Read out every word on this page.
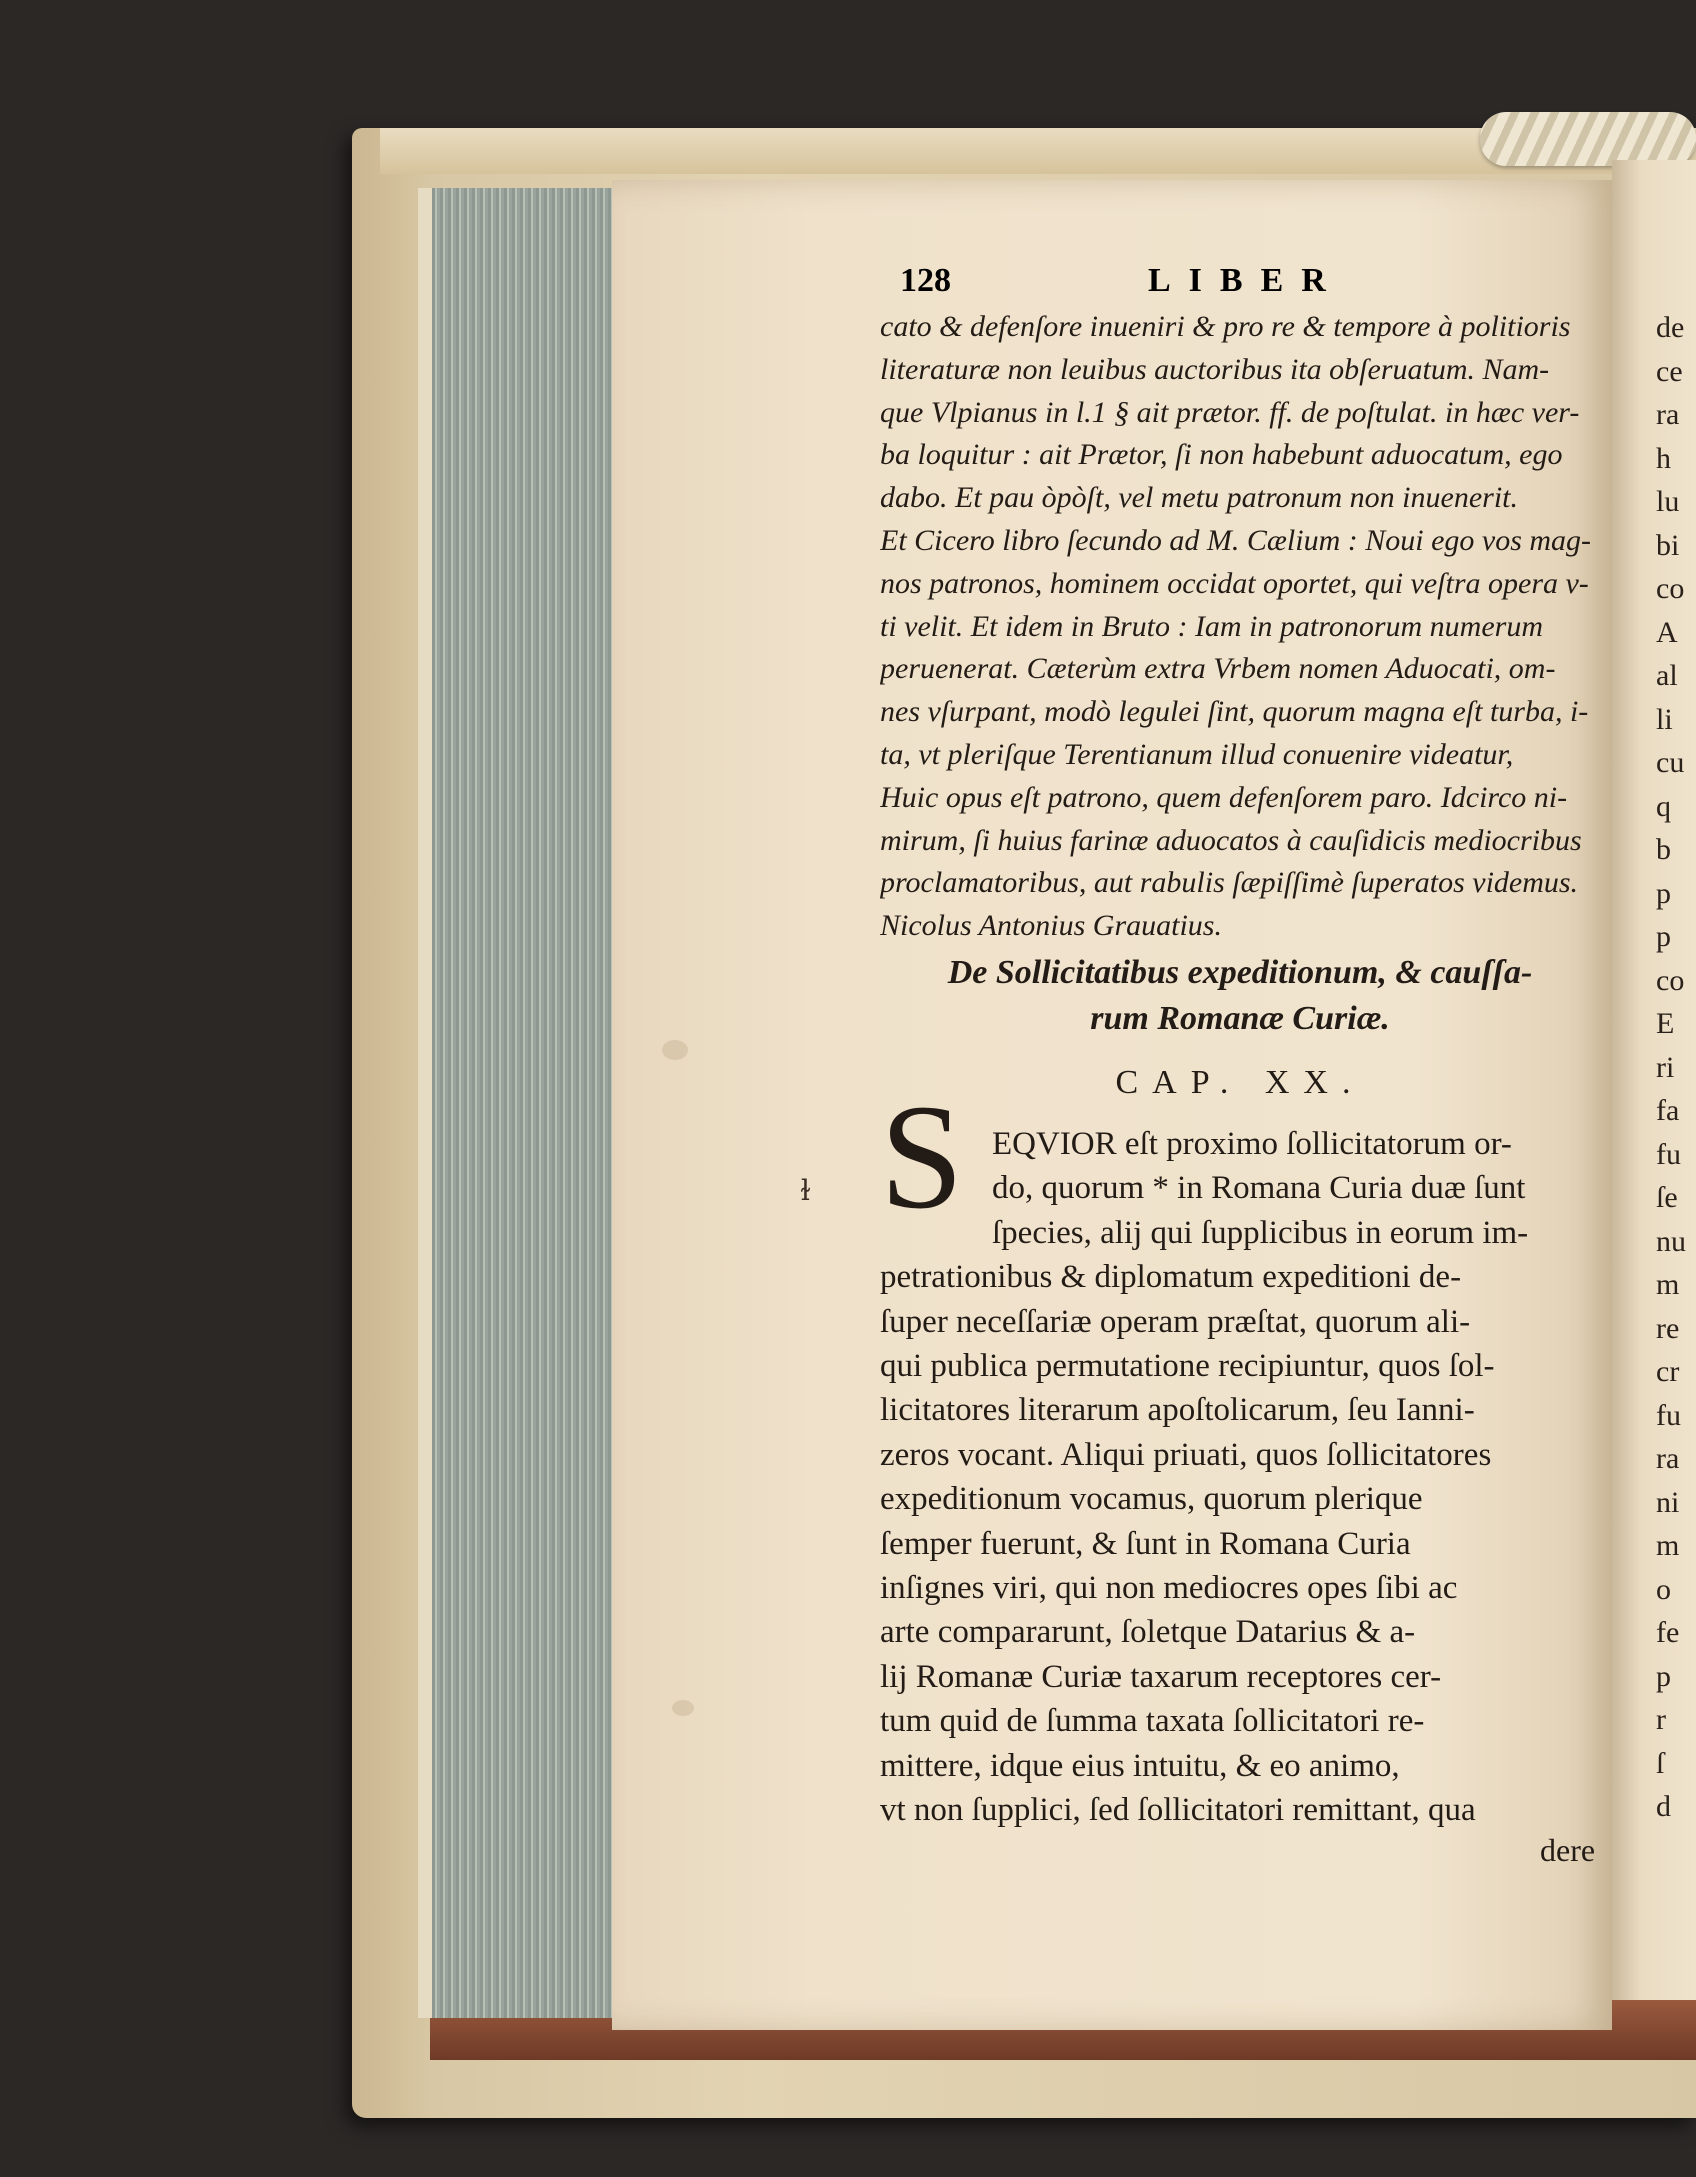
de
ce
ra
h
lu
bi
co
A
al
li
cu
q
b
p
p
co
E
ri
fa
fu
ſe
nu
m
re
cr
fu
ra
ni
m
o
fe
p
r
ſ
d
128	LIBER
cato & defenſore inueniri & pro re & tempore à politioris
literaturæ non leuibus auctoribus ita obſeruatum. Nam-
que Vlpianus in l.1 § ait prætor. ff. de poſtulat. in hæc ver-
ba loquitur : ait Prætor, ſi non habebunt aduocatum, ego
dabo. Et pau òpòſt, vel metu patronum non inuenerit.
Et Cicero libro ſecundo ad M. Cælium : Noui ego vos mag-
nos patronos, hominem occidat oportet, qui veſtra opera v-
ti velit. Et idem in Bruto : Iam in patronorum numerum
peruenerat. Cæterùm extra Vrbem nomen Aduocati, om-
nes vſurpant, modò legulei ſint, quorum magna eſt turba, i-
ta, vt pleriſque Terentianum illud conuenire videatur,
Huic opus eſt patrono, quem defenſorem paro. Idcirco ni-
mirum, ſi huius farinæ aduocatos à cauſidicis mediocribus
proclamatoribus, aut rabulis ſæpiſſimè ſuperatos videmus.
Nicolus Antonius Grauatius.
De Sollicitatibus expeditionum, & cauſſa-
rum Romanæ Curiæ.
CAP. XX.
ɫ S EQVIOR eſt proximo ſollicitatorum or-
do, quorum * in Romana Curia duæ ſunt
ſpecies, alij qui ſupplicibus in eorum im-
petrationibus & diplomatum expeditioni de-
ſuper neceſſariæ operam præſtat, quorum ali-
qui publica permutatione recipiuntur, quos ſol-
licitatores literarum apoſtolicarum, ſeu Ianni-
zeros vocant. Aliqui priuati, quos ſollicitatores
expeditionum vocamus, quorum plerique
ſemper fuerunt, & ſunt in Romana Curia
inſignes viri, qui non mediocres opes ſibi ac
arte compararunt, ſoletque Datarius & a-
lij Romanæ Curiæ taxarum receptores cer-
tum quid de ſumma taxata ſollicitatori re-
mittere, idque eius intuitu, & eo animo,
vt non ſupplici, ſed ſollicitatori remittant, qua
dere
